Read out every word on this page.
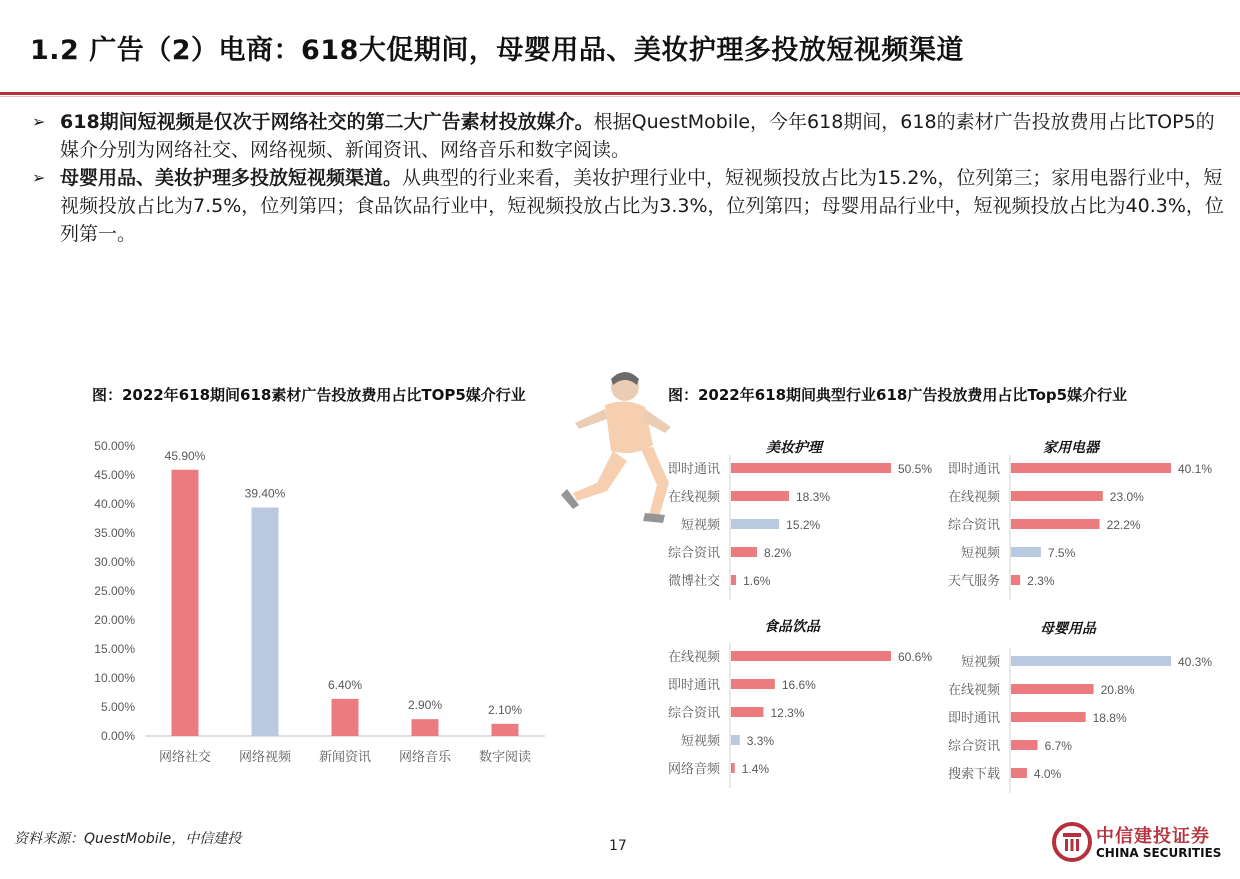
1.2 广告（2）电商：618大促期间，母婴用品、美妆护理多投放短视频渠道
➢ 618期间短视频是仅次于网络社交的第二大广告素材投放媒介。根据QuestMobile，今年618期间，618的素材广告投放费用占比TOP5的媒介分别为网络社交、网络视频、新闻资讯、网络音乐和数字阅读。
➢ 母婴用品、美妆护理多投放短视频渠道。从典型的行业来看，美妆护理行业中，短视频投放占比为15.2%，位列第三；家用电器行业中，短视频投放占比为7.5%，位列第四；食品饮品行业中，短视频投放占比为3.3%，位列第四；母婴用品行业中，短视频投放占比为40.3%，位列第一。
图：2022年618期间618素材广告投放费用占比TOP5媒介行业
0.00%
5.00%
10.00%
15.00%
20.00%
25.00%
30.00%
35.00%
40.00%
45.00%
50.00%
45.90%
网络社交
39.40%
网络视频
6.40%
新闻资讯
2.90%
网络音乐
2.10%
数字阅读
图：2022年618期间典型行业618广告投放费用占比Top5媒介行业
美妆护理	家用电器
食品饮品	母婴用品
即时通讯	50.5%
在线视频	18.3%
短视频	15.2%
综合资讯	8.2%
微博社交 1.6%
即时通讯	40.1%
在线视频	23.0%
综合资讯	22.2%
短视频	7.5%
天气服务 2.3%
在线视频	60.6%
即时通讯	16.6%
综合资讯	12.3%
短视频 3.3%
网络音频 1.4%
短视频	40.3%
在线视频	20.8%
即时通讯	18.8%
综合资讯	6.7%
搜索下载	4.0%
资料来源：QuestMobile，中信建投	17	中信建投证券
CHINA SECURITIES
